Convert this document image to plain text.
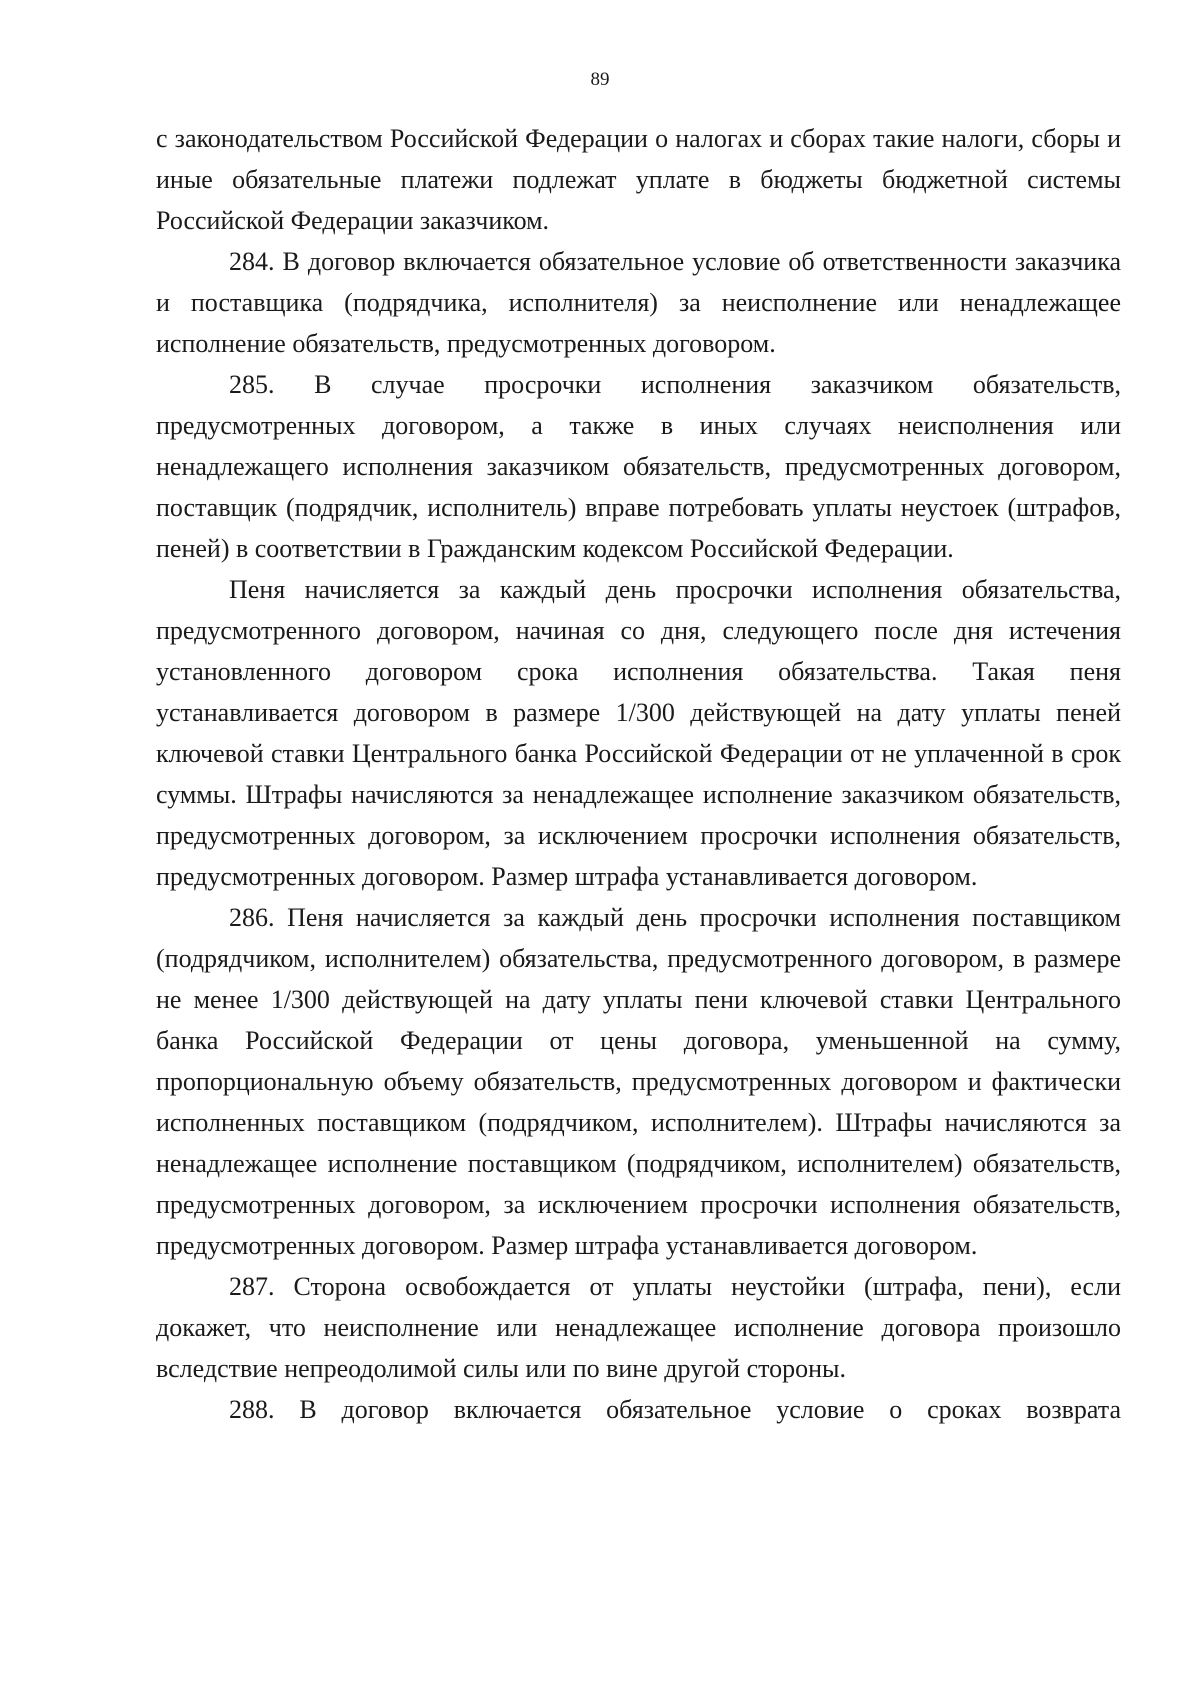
89

с законодательством Российской Федерации о налогах и сборах такие налоги, сборы и иные обязательные платежи подлежат уплате в бюджеты бюджетной системы Российской Федерации заказчиком.

284. В договор включается обязательное условие об ответственности заказчика и поставщика (подрядчика, исполнителя) за неисполнение или ненадлежащее исполнение обязательств, предусмотренных договором.

285. В случае просрочки исполнения заказчиком обязательств, предусмотренных договором, а также в иных случаях неисполнения или ненадлежащего исполнения заказчиком обязательств, предусмотренных договором, поставщик (подрядчик, исполнитель) вправе потребовать уплаты неустоек (штрафов, пеней) в соответствии в Гражданским кодексом Российской Федерации.

Пеня начисляется за каждый день просрочки исполнения обязательства, предусмотренного договором, начиная со дня, следующего после дня истечения установленного договором срока исполнения обязательства. Такая пеня устанавливается договором в размере 1/300 действующей на дату уплаты пеней ключевой ставки Центрального банка Российской Федерации от не уплаченной в срок суммы. Штрафы начисляются за ненадлежащее исполнение заказчиком обязательств, предусмотренных договором, за исключением просрочки исполнения обязательств, предусмотренных договором. Размер штрафа устанавливается договором.

286. Пеня начисляется за каждый день просрочки исполнения поставщиком (подрядчиком, исполнителем) обязательства, предусмотренного договором, в размере не менее 1/300 действующей на дату уплаты пени ключевой ставки Центрального банка Российской Федерации от цены договора, уменьшенной на сумму, пропорциональную объему обязательств, предусмотренных договором и фактически исполненных поставщиком (подрядчиком, исполнителем). Штрафы начисляются за ненадлежащее исполнение поставщиком (подрядчиком, исполнителем) обязательств, предусмотренных договором, за исключением просрочки исполнения обязательств, предусмотренных договором. Размер штрафа устанавливается договором.

287. Сторона освобождается от уплаты неустойки (штрафа, пени), если докажет, что неисполнение или ненадлежащее исполнение договора произошло вследствие непреодолимой силы или по вине другой стороны.

288. В договор включается обязательное условие о сроках возврата
